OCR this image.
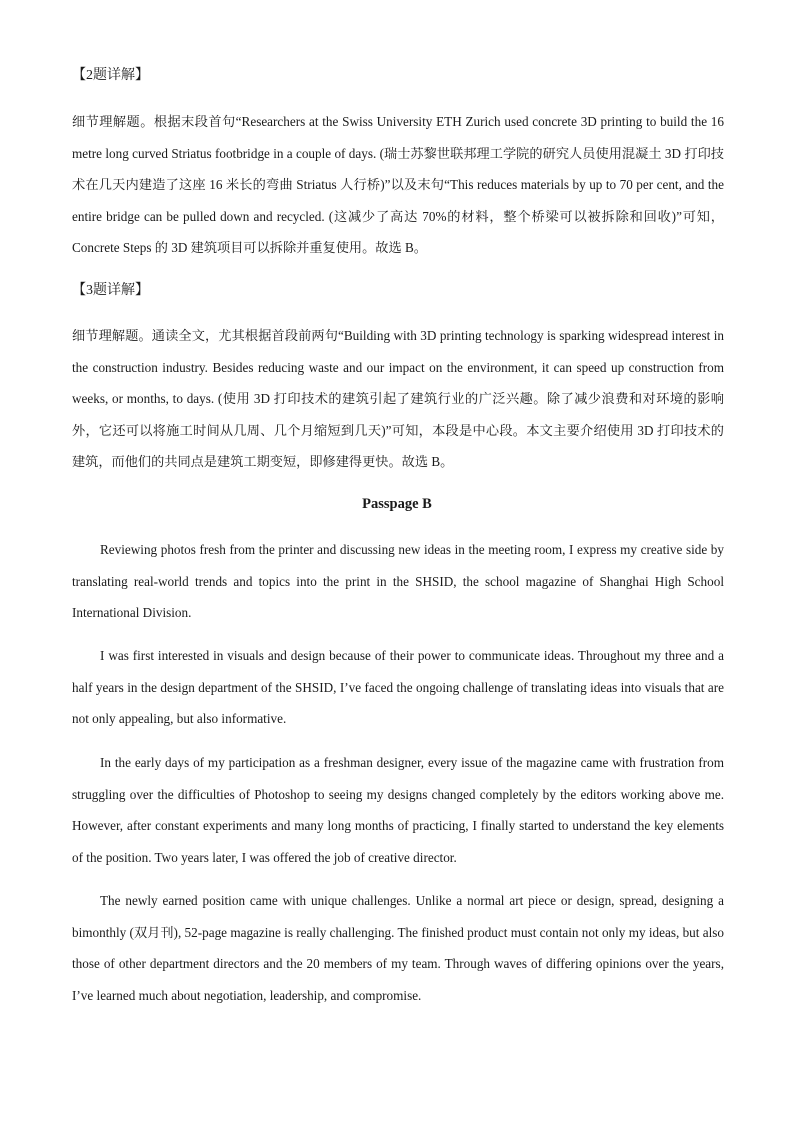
【2题详解】

细节理解题。根据末段首句“Researchers at the Swiss University ETH Zurich used concrete 3D printing to build the 16 metre long curved Striatus footbridge in a couple of days. (瑞士苏黎世联邦理工学院的研究人员使用混凝土 3D 打印技术在几天内建造了这座 16 米长的弯曲 Striatus 人行桥)”以及末句“This reduces materials by up to 70 per cent, and the entire bridge can be pulled down and recycled. (这减少了高达 70%的材料，整个桥梁可以被拆除和回收)”可知，Concrete Steps 的 3D 建筑项目可以拆除并重复使用。故选 B。

【3题详解】

细节理解题。通读全文，尤其根据首段前两句“Building with 3D printing technology is sparking widespread interest in the construction industry. Besides reducing waste and our impact on the environment, it can speed up construction from weeks, or months, to days. (使用 3D 打印技术的建筑引起了建筑行业的广泛兴趣。除了减少浪费和对环境的影响外，它还可以将施工时间从几周、几个月缩短到几天)”可知，本段是中心段。本文主要介绍使用 3D 打印技术的建筑，而他们的共同点是建筑工期变短，即修建得更快。故选 B。

Passpage B

Reviewing photos fresh from the printer and discussing new ideas in the meeting room, I express my creative side by translating real-world trends and topics into the print in the SHSID, the school magazine of Shanghai High School International Division.

I was first interested in visuals and design because of their power to communicate ideas. Throughout my three and a half years in the design department of the SHSID, I’ve faced the ongoing challenge of translating ideas into visuals that are not only appealing, but also informative.

In the early days of my participation as a freshman designer, every issue of the magazine came with frustration from struggling over the difficulties of Photoshop to seeing my designs changed completely by the editors working above me. However, after constant experiments and many long months of practicing, I finally started to understand the key elements of the position. Two years later, I was offered the job of creative director.

The newly earned position came with unique challenges. Unlike a normal art piece or design, spread, designing a bimonthly (双月刊), 52-page magazine is really challenging. The finished product must contain not only my ideas, but also those of other department directors and the 20 members of my team. Through waves of differing opinions over the years, I’ve learned much about negotiation, leadership, and compromise.
